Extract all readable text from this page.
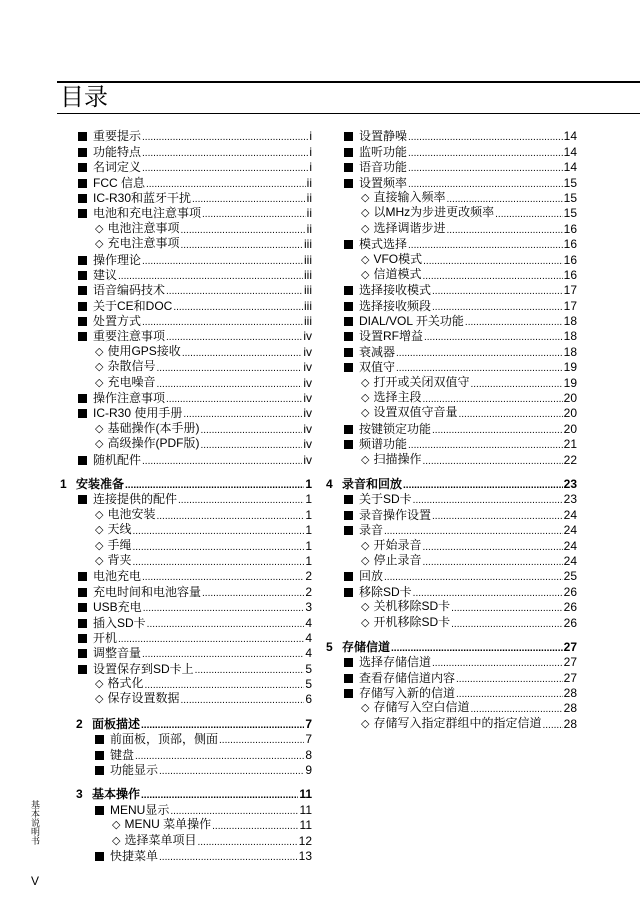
目录
重要提示 .....	i
功能特点 .....	i
名词定义 .....	i
FCC 信息 .....	ii
IC-R30和蓝牙干扰 .....	ii
电池和充电注意事项 .....	ii
◇ 电池注意事项 .....	ii
◇ 充电注意事项 .....	iii
操作理论 .....	iii
建议 .....	iii
语音编码技术 .....	iii
关于CE和DOC .....	iii
处置方式 .....	iii
重要注意事项 .....	iv
◇ 使用GPS接收 .....	iv
◇ 杂散信号 .....	iv
◇ 充电噪音 .....	iv
操作注意事项 .....	iv
IC-R30 使用手册 .....	iv
◇ 基础操作(本手册) .....	iv
◇ 高级操作(PDF版) .....	iv
随机配件 .....	iv
1 安装准备 .....	1
连接提供的配件 .....	1
◇ 电池安装 .....	1
◇ 天线 .....	1
◇ 手绳 .....	1
◇ 背夹 .....	1
电池充电 .....	2
充电时间和电池容量 .....	2
USB充电 .....	3
插入SD卡 .....	4
开机 .....	4
调整音量 .....	4
设置保存到SD卡上 .....	5
◇ 格式化 .....	5
◇ 保存设置数据 .....	6
2 面板描述 .....	7
前面板，顶部，侧面 .....	7
键盘 .....	8
功能显示 .....	9
3 基本操作 .....	11
MENU显示 .....	11
◇ MENU 菜单操作 .....	11
◇ 选择菜单项目 .....	12
快捷菜单 .....	13
设置静噪 .....	14
监听功能 .....	14
语音功能 .....	14
设置频率 .....	15
◇ 直接输入频率 .....	15
◇ 以MHz为步进更改频率 .....	15
◇ 选择调谐步进 .....	16
模式选择 .....	16
◇ VFO模式 .....	16
◇ 信道模式 .....	16
选择接收模式 .....	17
选择接收频段 .....	17
DIAL/VOL 开关功能 .....	18
设置RF增益 .....	18
衰减器 .....	18
双值守 .....	19
◇ 打开或关闭双值守 .....	19
◇ 选择主段 .....	20
◇ 设置双值守音量 .....	20
按键锁定功能 .....	20
频谱功能 .....	21
◇ 扫描操作 .....	22
4 录音和回放 .....	23
关于SD卡 .....	23
录音操作设置 .....	24
录音 .....	24
◇ 开始录音 .....	24
◇ 停止录音 .....	24
回放 .....	25
移除SD卡 .....	26
◇ 关机移除SD卡 .....	26
◇ 开机移除SD卡 .....	26
5 存储信道 .....	27
选择存储信道 .....	27
查看存储信道内容 .....	27
存储写入新的信道 .....	28
◇ 存储写入空白信道 .....	28
◇ 存储写入指定群组中的指定信道 ..... 28
基本说明书
V
